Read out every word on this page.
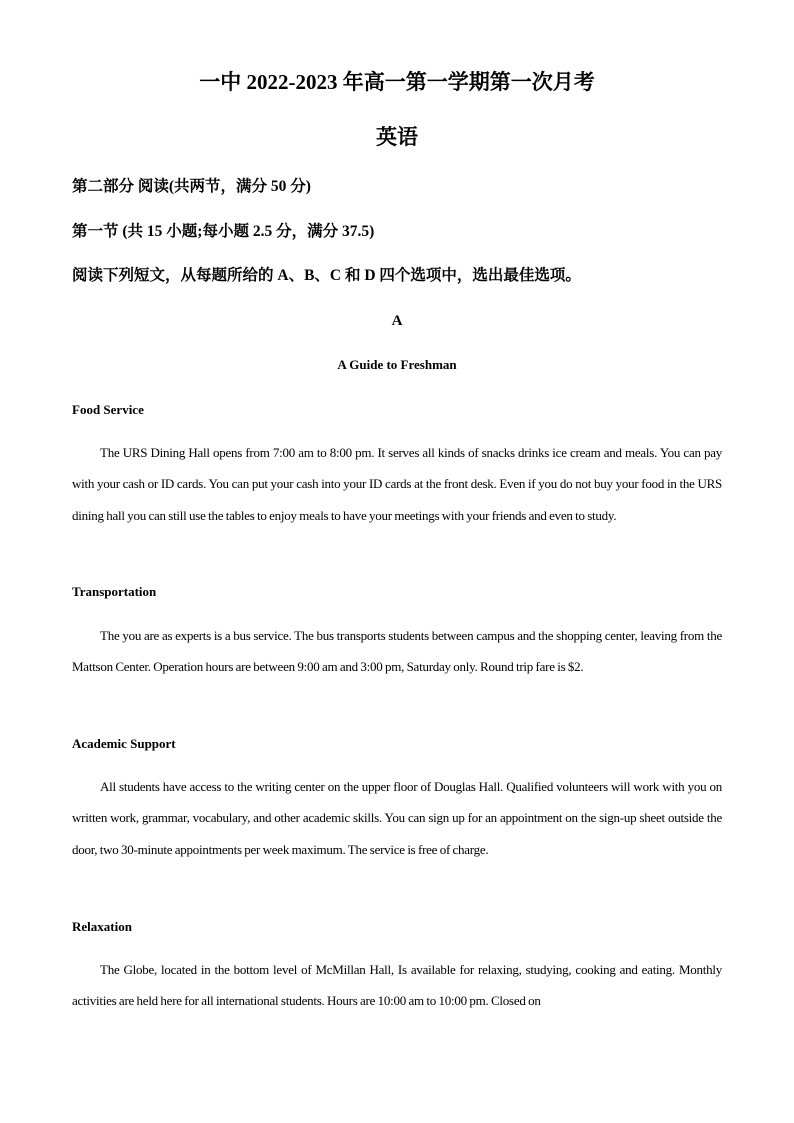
一中 2022-2023 年高一第一学期第一次月考
英语

第二部分 阅读(共两节，满分 50 分)

第一节 (共 15 小题;每小题 2.5 分，满分 37.5)

阅读下列短文，从每题所给的 A、B、C 和 D 四个选项中，选出最佳选项。

A

A Guide to Freshman

Food Service

The URS Dining Hall opens from 7:00 am to 8:00 pm. It serves all kinds of snacks drinks ice cream and meals. You can pay with your cash or ID cards. You can put your cash into your ID cards at the front desk. Even if you do not buy your food in the URS dining hall you can still use the tables to enjoy meals to have your meetings with your friends and even to study.

Transportation

The you are as experts is a bus service. The bus transports students between campus and the shopping center, leaving from the Mattson Center. Operation hours are between 9:00 am and 3:00 pm, Saturday only. Round trip fare is $2.

Academic Support

All students have access to the writing center on the upper floor of Douglas Hall. Qualified volunteers will work with you on written work, grammar, vocabulary, and other academic skills. You can sign up for an appointment on the sign-up sheet outside the door, two 30-minute appointments per week maximum. The service is free of charge.

Relaxation

The Globe, located in the bottom level of McMillan Hall, Is available for relaxing, studying, cooking and eating. Monthly activities are held here for all international students. Hours are 10:00 am to 10:00 pm. Closed on
